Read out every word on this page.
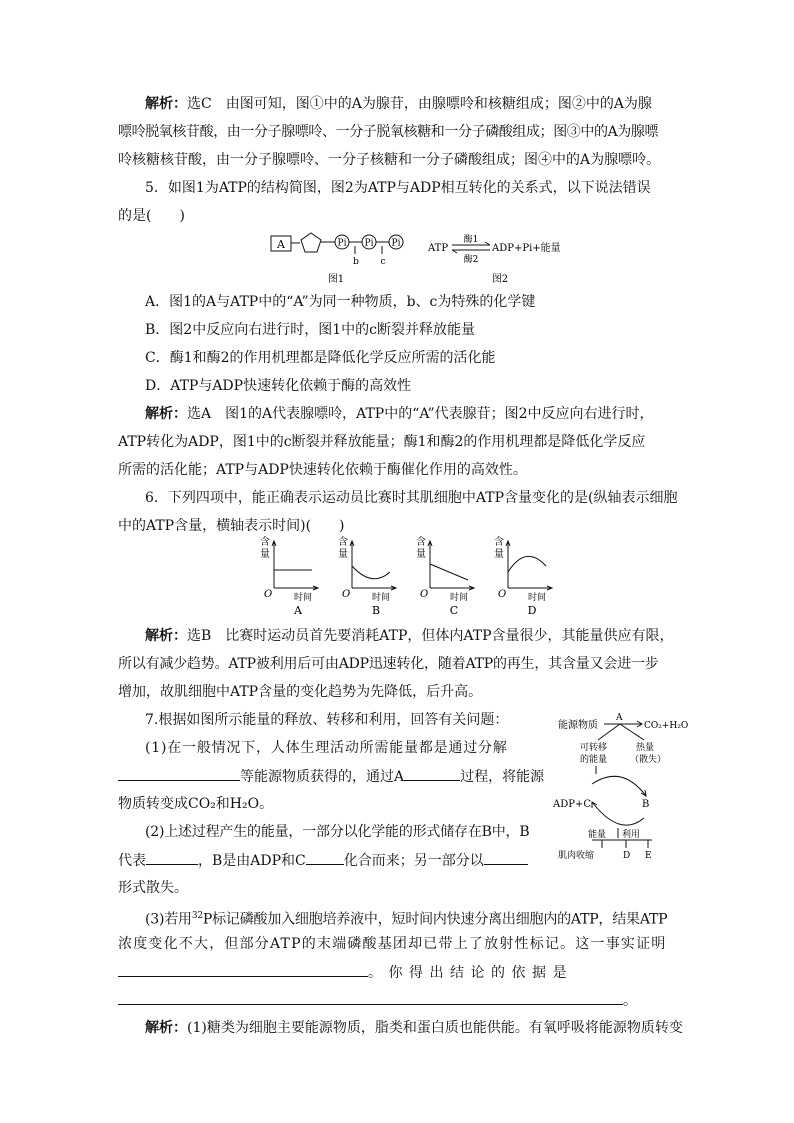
解析：选C　由图可知，图①中的A为腺苷，由腺嘌呤和核糖组成；图②中的A为腺
嘌呤脱氧核苷酸，由一分子腺嘌呤、一分子脱氧核糖和一分子磷酸组成；图③中的A为腺嘌
呤核糖核苷酸，由一分子腺嘌呤、一分子核糖和一分子磷酸组成；图④中的A为腺嘌呤。
5．如图1为ATP的结构简图，图2为ATP与ADP相互转化的关系式，以下说法错误
的是(　　)
A	Pi Pi Pi
b c
图1
ATP
酶1
酶2
ADP+Pi+能量
图2
A．图1的A与ATP中的“A”为同一种物质，b、c为特殊的化学键
B．图2中反应向右进行时，图1中的c断裂并释放能量
C．酶1和酶2的作用机理都是降低化学反应所需的活化能
D．ATP与ADP快速转化依赖于酶的高效性
解析：选A　图1的A代表腺嘌呤，ATP中的“A”代表腺苷；图2中反应向右进行时，
ATP转化为ADP，图1中的c断裂并释放能量；酶1和酶2的作用机理都是降低化学反应
所需的活化能；ATP与ADP快速转化依赖于酶催化作用的高效性。
6．下列四项中，能正确表示运动员比赛时其肌细胞中ATP含量变化的是(纵轴表示细胞
中的ATP含量，横轴表示时间)(　　)
含
量
O 时间
A
含
量
O 时间
B
含
量
O 时间
C
含
量
O 时间
D
解析：选B　比赛时运动员首先要消耗ATP，但体内ATP含量很少，其能量供应有限，
所以有减少趋势。ATP被利用后可由ADP迅速转化，随着ATP的再生，其含量又会进一步
增加，故肌细胞中ATP含量的变化趋势为先降低，后升高。
7.根据如图所示能量的释放、转移和利用，回答有关问题：
(1)在一般情况下，人体生理活动所需能量都是通过分解
等能源物质获得的，通过A	过程，将能源
物质转变成CO₂和H₂O。
(2)上述过程产生的能量，一部分以化学能的形式储存在B中，B
代表	，B是由ADP和C	化合而来；另一部分以
形式散失。
(3)若用$^{32}$P标记磷酸加入细胞培养液中，短时间内快速分离出细胞内的ATP，结果ATP
浓度变化不大，但部分ATP的末端磷酸基团却已带上了放射性标记。这一事实证明
。你得出结论的依据是
。
解析：(1)糖类为细胞主要能源物质，脂类和蛋白质也能供能。有氧呼吸将能源物质转变
能源物质
A
CO₂+H₂O
可转移
的能量
热量
（散失）
ADP+C	B
能量 利用
肌肉收缩	D E
